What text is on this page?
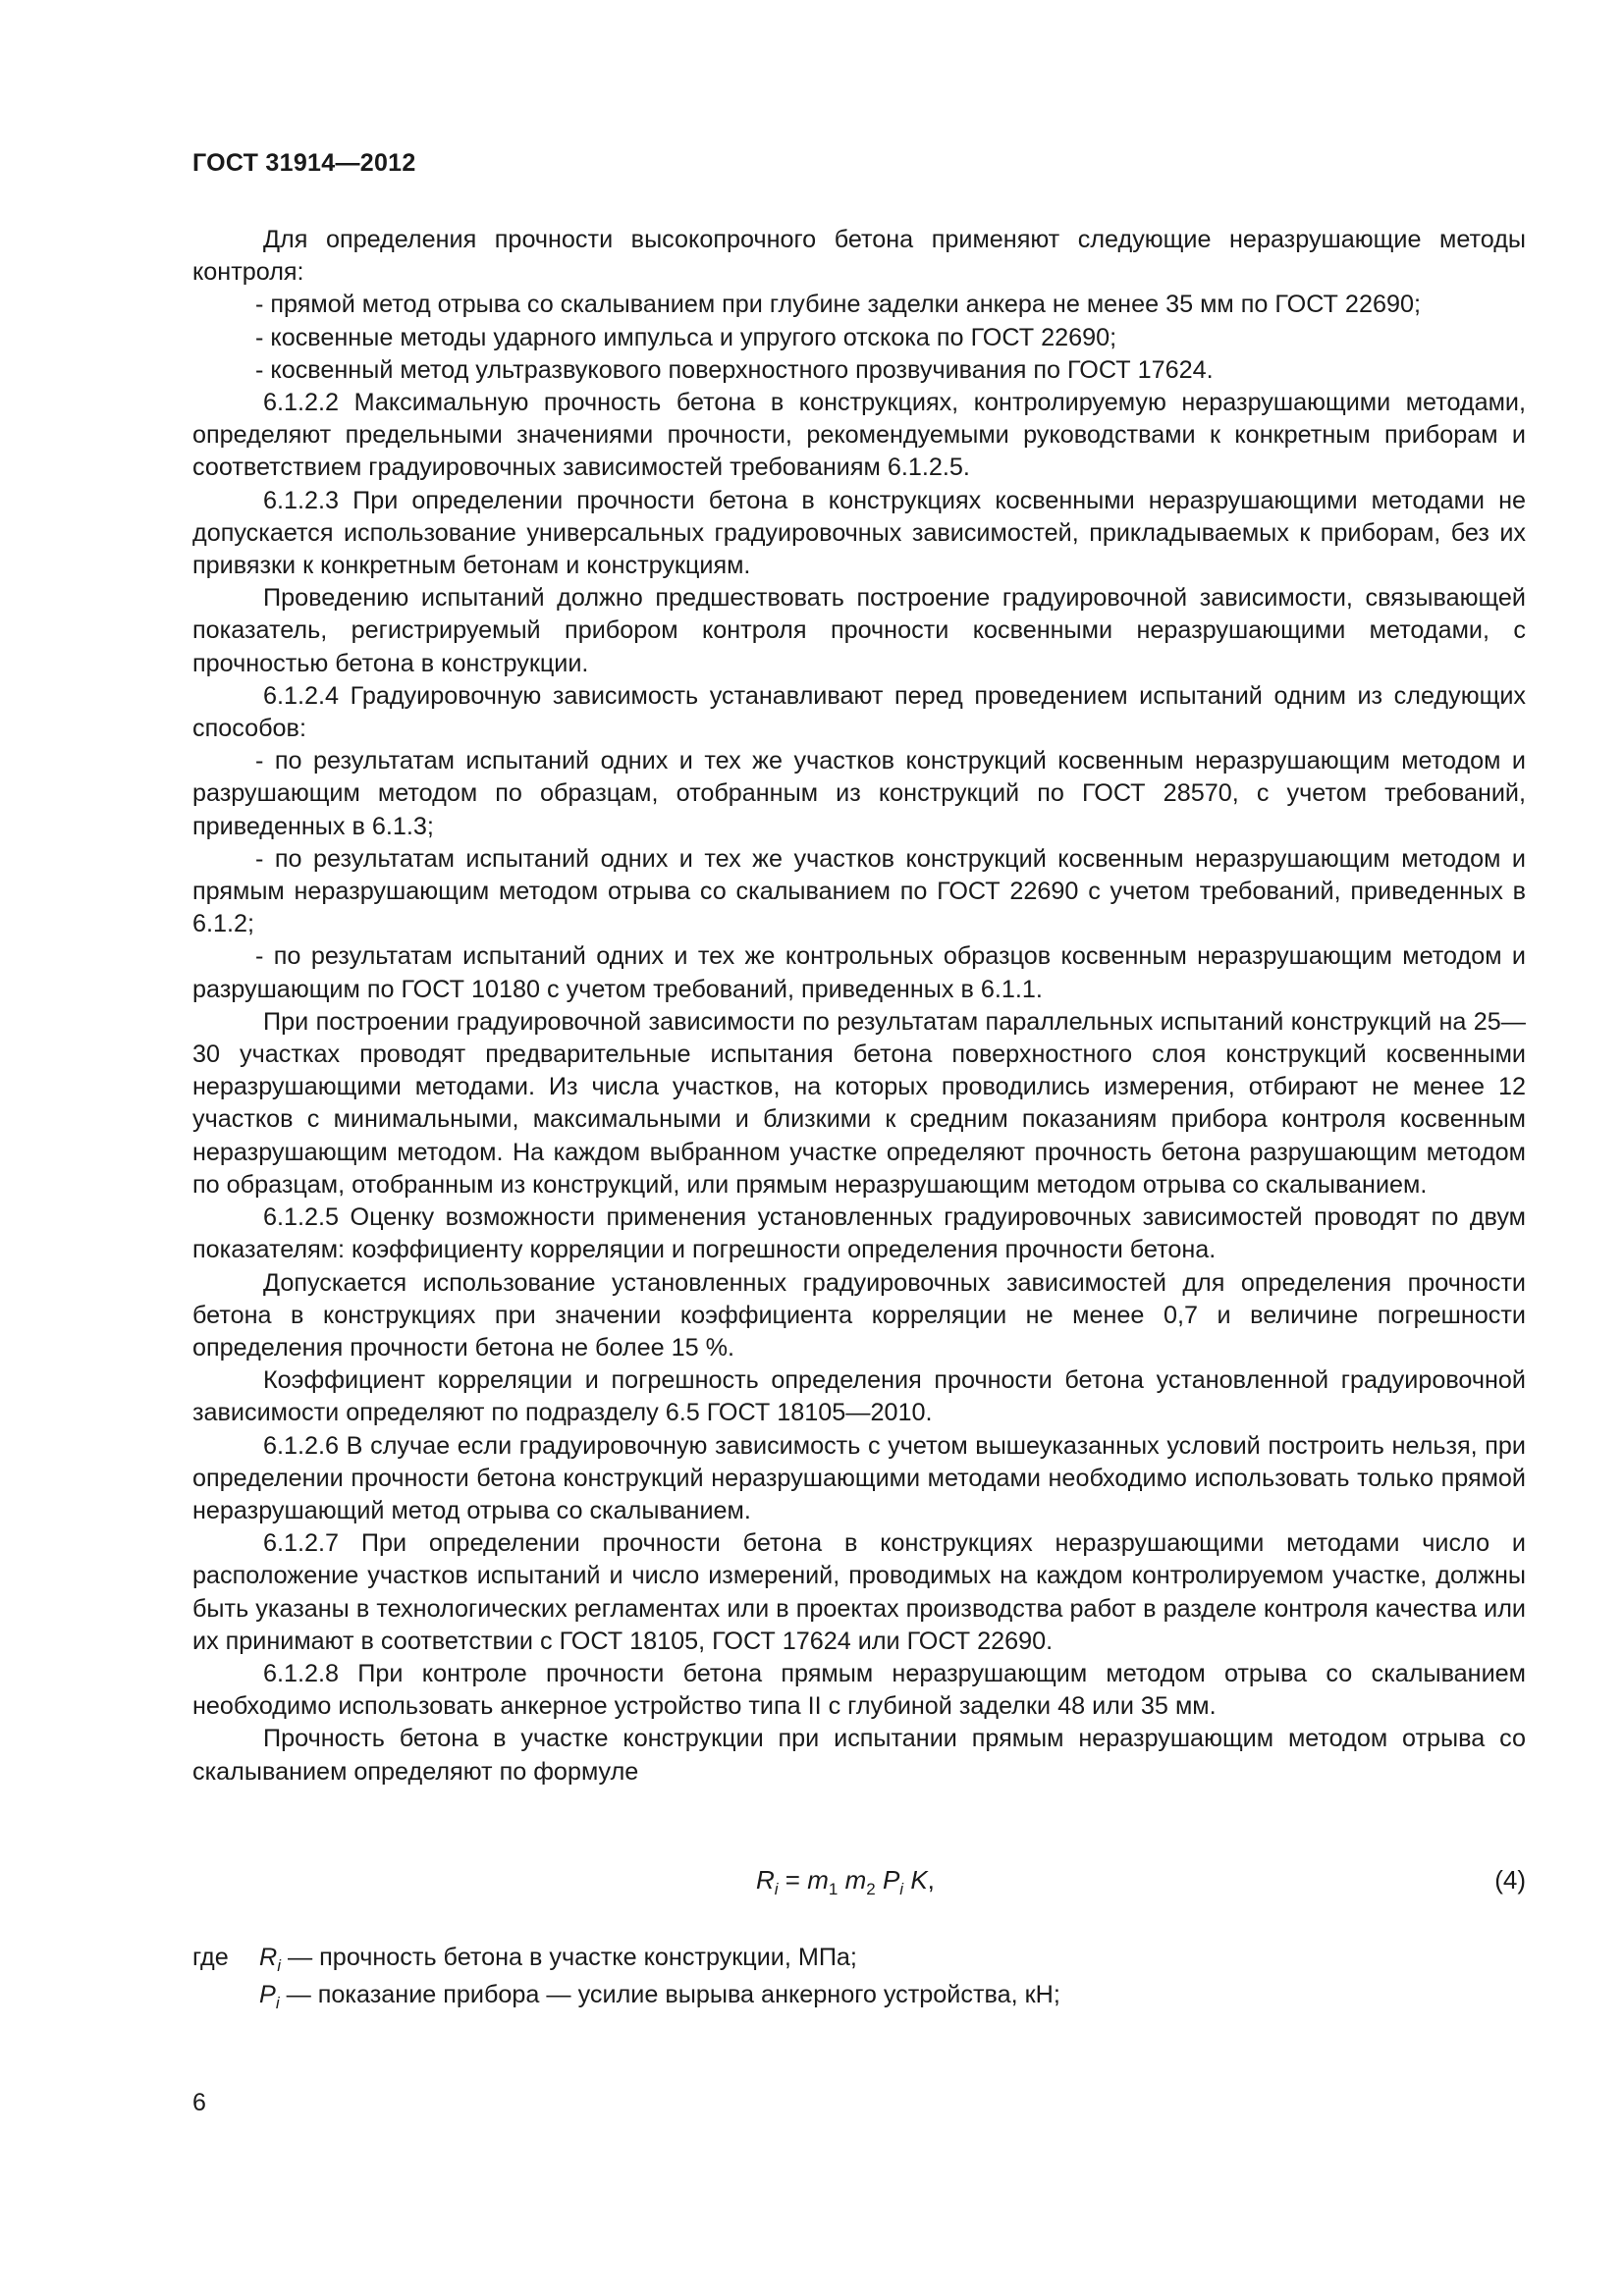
ГОСТ 31914—2012

Для определения прочности высокопрочного бетона применяют следующие неразрушающие методы контроля:

- прямой метод отрыва со скалыванием при глубине заделки анкера не менее 35 мм по ГОСТ 22690;

- косвенные методы ударного импульса и упругого отскока по ГОСТ 22690;

- косвенный метод ультразвукового поверхностного прозвучивания по ГОСТ 17624.

6.1.2.2 Максимальную прочность бетона в конструкциях, контролируемую неразрушающими методами, определяют предельными значениями прочности, рекомендуемыми руководствами к конкретным приборам и соответствием градуировочных зависимостей требованиям 6.1.2.5.

6.1.2.3 При определении прочности бетона в конструкциях косвенными неразрушающими методами не допускается использование универсальных градуировочных зависимостей, прикладываемых к приборам, без их привязки к конкретным бетонам и конструкциям.

Проведению испытаний должно предшествовать построение градуировочной зависимости, связывающей показатель, регистрируемый прибором контроля прочности косвенными неразрушающими методами, с прочностью бетона в конструкции.

6.1.2.4 Градуировочную зависимость устанавливают перед проведением испытаний одним из следующих способов:

- по результатам испытаний одних и тех же участков конструкций косвенным неразрушающим методом и разрушающим методом по образцам, отобранным из конструкций по ГОСТ 28570, с учетом требований, приведенных в 6.1.3;

- по результатам испытаний одних и тех же участков конструкций косвенным неразрушающим методом и прямым неразрушающим методом отрыва со скалыванием по ГОСТ 22690 с учетом требований, приведенных в 6.1.2;

- по результатам испытаний одних и тех же контрольных образцов косвенным неразрушающим методом и разрушающим по ГОСТ 10180 с учетом требований, приведенных в 6.1.1.

При построении градуировочной зависимости по результатам параллельных испытаний конструкций на 25—30 участках проводят предварительные испытания бетона поверхностного слоя конструкций косвенными неразрушающими методами. Из числа участков, на которых проводились измерения, отбирают не менее 12 участков с минимальными, максимальными и близкими к средним показаниям прибора контроля косвенным неразрушающим методом. На каждом выбранном участке определяют прочность бетона разрушающим методом по образцам, отобранным из конструкций, или прямым неразрушающим методом отрыва со скалыванием.

6.1.2.5 Оценку возможности применения установленных градуировочных зависимостей проводят по двум показателям: коэффициенту корреляции и погрешности определения прочности бетона.

Допускается использование установленных градуировочных зависимостей для определения прочности бетона в конструкциях при значении коэффициента корреляции не менее 0,7 и величине погрешности определения прочности бетона не более 15 %.

Коэффициент корреляции и погрешность определения прочности бетона установленной градуировочной зависимости определяют по подразделу 6.5 ГОСТ 18105—2010.

6.1.2.6 В случае если градуировочную зависимость с учетом вышеуказанных условий построить нельзя, при определении прочности бетона конструкций неразрушающими методами необходимо использовать только прямой неразрушающий метод отрыва со скалыванием.

6.1.2.7 При определении прочности бетона в конструкциях неразрушающими методами число и расположение участков испытаний и число измерений, проводимых на каждом контролируемом участке, должны быть указаны в технологических регламентах или в проектах производства работ в разделе контроля качества или их принимают в соответствии с ГОСТ 18105, ГОСТ 17624 или ГОСТ 22690.

6.1.2.8 При контроле прочности бетона прямым неразрушающим методом отрыва со скалыванием необходимо использовать анкерное устройство типа II с глубиной заделки 48 или 35 мм.

Прочность бетона в участке конструкции при испытании прямым неразрушающим методом отрыва со скалыванием определяют по формуле

$R_i = m_1$ $m_2$ $P_i$ K,	(4)
где $R_i$ — прочность бетона в участке конструкции, МПа;
$P_i$ — показание прибора — усилие вырыва анкерного устройства, кН;
6
